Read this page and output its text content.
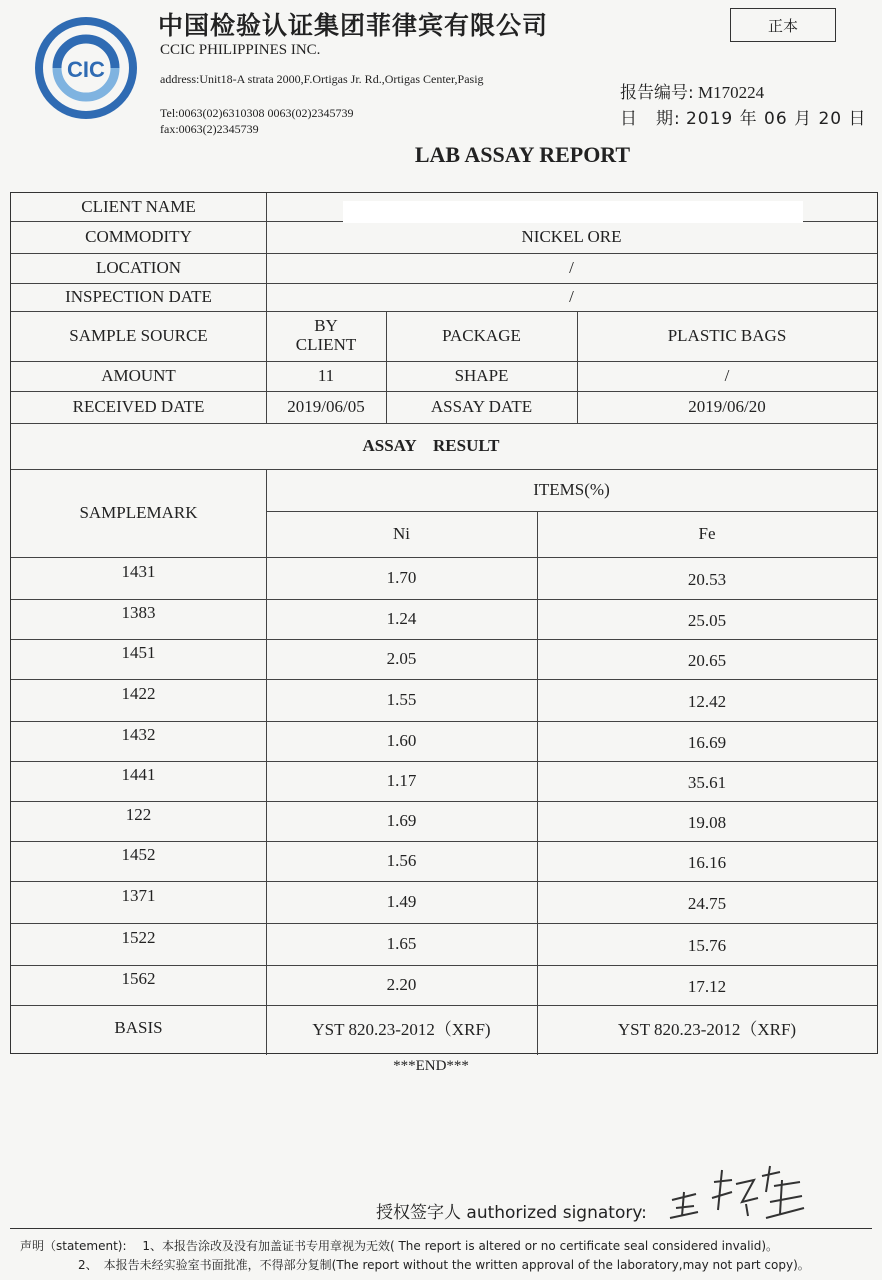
CIC
中国检验认证集团菲律宾有限公司
CCIC PHILIPPINES INC.
address:Unit18-A strata 2000,F.Ortigas Jr. Rd.,Ortigas Center,Pasig
Tel:0063(02)6310308 0063(02)2345739
fax:0063(2)2345739
正本
报告编号: M170224
日　期: 2019 年 06 月 20 日
LAB ASSAY REPORT
CLIENT NAME
COMMODITY	NICKEL ORE
LOCATION	/
INSPECTION DATE	/
SAMPLE SOURCE	BY CLIENT	PACKAGE	PLASTIC BAGS
AMOUNT	11	SHAPE	/
RECEIVED DATE	2019/06/05	ASSAY DATE	2019/06/20
ASSAY　RESULT
SAMPLEMARK
ITEMS(%)
Ni	Fe
1431	1.70	20.53
1383	1.24	25.05
1451	2.05	20.65
1422	1.55	12.42
1432	1.60	16.69
1441	1.17	35.61
122	1.69	19.08
1452	1.56	16.16
1371	1.49	24.75
1522	1.65	15.76
1562	2.20	17.12
BASIS	YST 820.23-2012（XRF)	YST 820.23-2012（XRF)
***END***
授权签字人 authorized signatory:
声明（statement): 　1、本报告涂改及没有加盖证书专用章视为无效( The report is altered or no certificate seal considered invalid)。
2、　本报告未经实验室书面批准，不得部分复制(The report without the written approval of the laboratory,may not part copy)。
